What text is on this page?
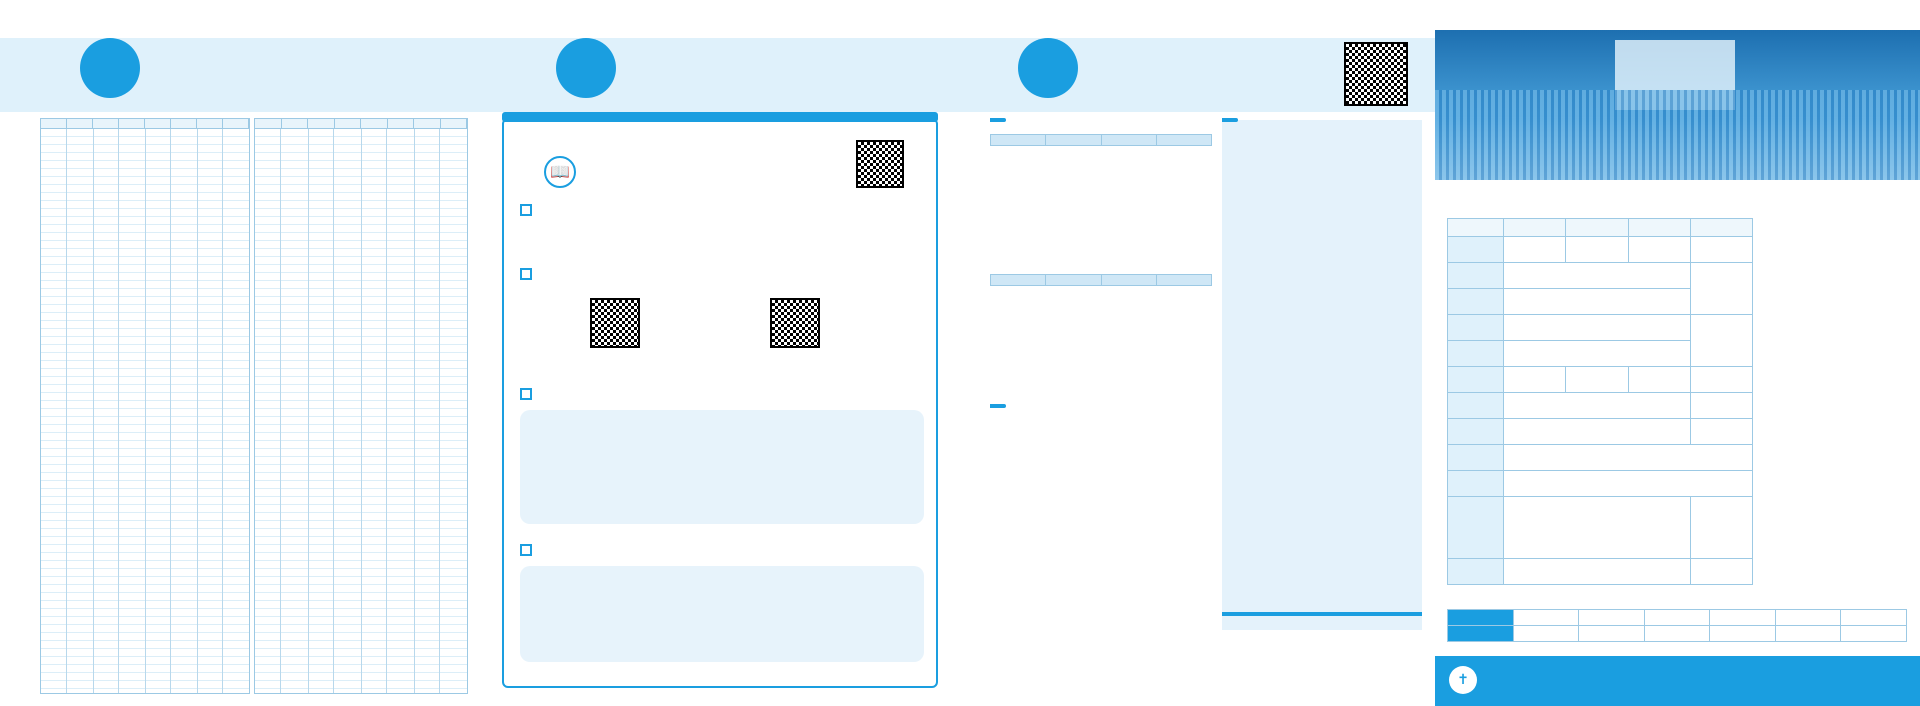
📖

✝
